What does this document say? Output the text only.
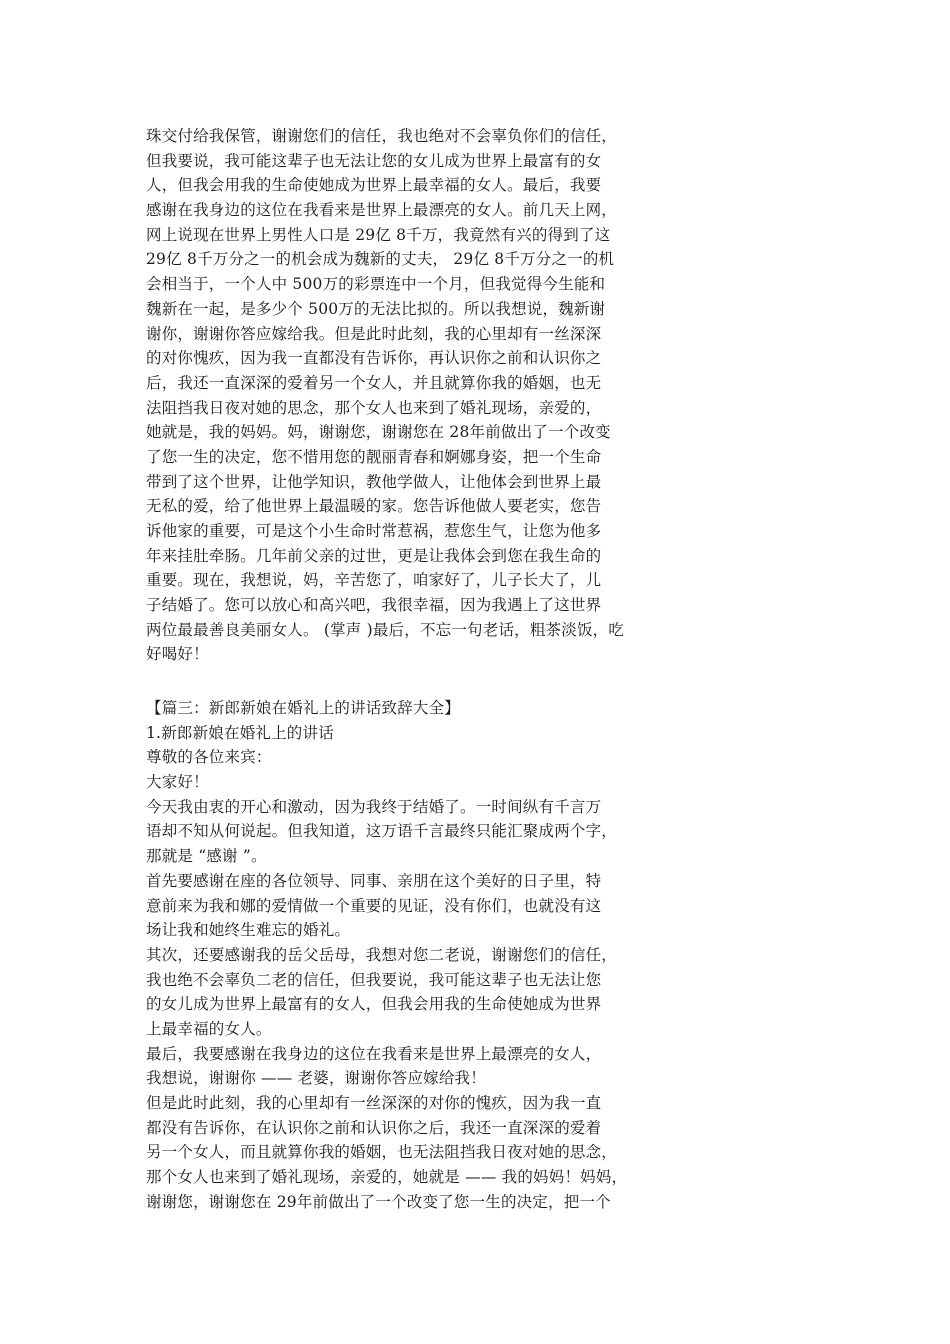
珠交付给我保管，谢谢您们的信任，我也绝对不会辜负你们的信任，
但我要说，我可能这辈子也无法让您的女儿成为世界上最富有的女
人，但我会用我的生命使她成为世界上最幸福的女人。最后，我要
感谢在我身边的这位在我看来是世界上最漂亮的女人。前几天上网，
网上说现在世界上男性人口是 29亿 8千万，我竟然有兴的得到了这
29亿 8千万分之一的机会成为魏新的丈夫， 29亿 8千万分之一的机
会相当于，一个人中 500万的彩票连中一个月，但我觉得今生能和
魏新在一起，是多少个 500万的无法比拟的。所以我想说，魏新谢
谢你，谢谢你答应嫁给我。但是此时此刻，我的心里却有一丝深深
的对你愧疚，因为我一直都没有告诉你，再认识你之前和认识你之
后，我还一直深深的爱着另一个女人，并且就算你我的婚姻，也无
法阻挡我日夜对她的思念，那个女人也来到了婚礼现场，亲爱的，
她就是，我的妈妈。妈，谢谢您，谢谢您在 28年前做出了一个改变
了您一生的决定，您不惜用您的靓丽青春和婀娜身姿，把一个生命
带到了这个世界，让他学知识，教他学做人，让他体会到世界上最
无私的爱，给了他世界上最温暖的家。您告诉他做人要老实，您告
诉他家的重要，可是这个小生命时常惹祸，惹您生气，让您为他多
年来挂肚牵肠。几年前父亲的过世，更是让我体会到您在我生命的
重要。现在，我想说，妈，辛苦您了，咱家好了，儿子长大了，儿
子结婚了。您可以放心和高兴吧，我很幸福，因为我遇上了这世界
两位最最善良美丽女人。 (掌声 )最后，不忘一句老话，粗茶淡饭，吃
好喝好！
【篇三：新郎新娘在婚礼上的讲话致辞大全】
1.新郎新娘在婚礼上的讲话
尊敬的各位来宾：
大家好！
今天我由衷的开心和激动，因为我终于结婚了。一时间纵有千言万
语却不知从何说起。但我知道，这万语千言最终只能汇聚成两个字，
那就是 “感谢 ”。
首先要感谢在座的各位领导、同事、亲朋在这个美好的日子里，特
意前来为我和娜的爱情做一个重要的见证，没有你们，也就没有这
场让我和她终生难忘的婚礼。
其次，还要感谢我的岳父岳母，我想对您二老说，谢谢您们的信任，
我也绝不会辜负二老的信任，但我要说，我可能这辈子也无法让您
的女儿成为世界上最富有的女人，但我会用我的生命使她成为世界
上最幸福的女人。
最后，我要感谢在我身边的这位在我看来是世界上最漂亮的女人，
我想说，谢谢你 —— 老婆，谢谢你答应嫁给我！
但是此时此刻，我的心里却有一丝深深的对你的愧疚，因为我一直
都没有告诉你，在认识你之前和认识你之后，我还一直深深的爱着
另一个女人，而且就算你我的婚姻，也无法阻挡我日夜对她的思念，
那个女人也来到了婚礼现场，亲爱的，她就是 —— 我的妈妈！妈妈，
谢谢您，谢谢您在 29年前做出了一个改变了您一生的决定，把一个
